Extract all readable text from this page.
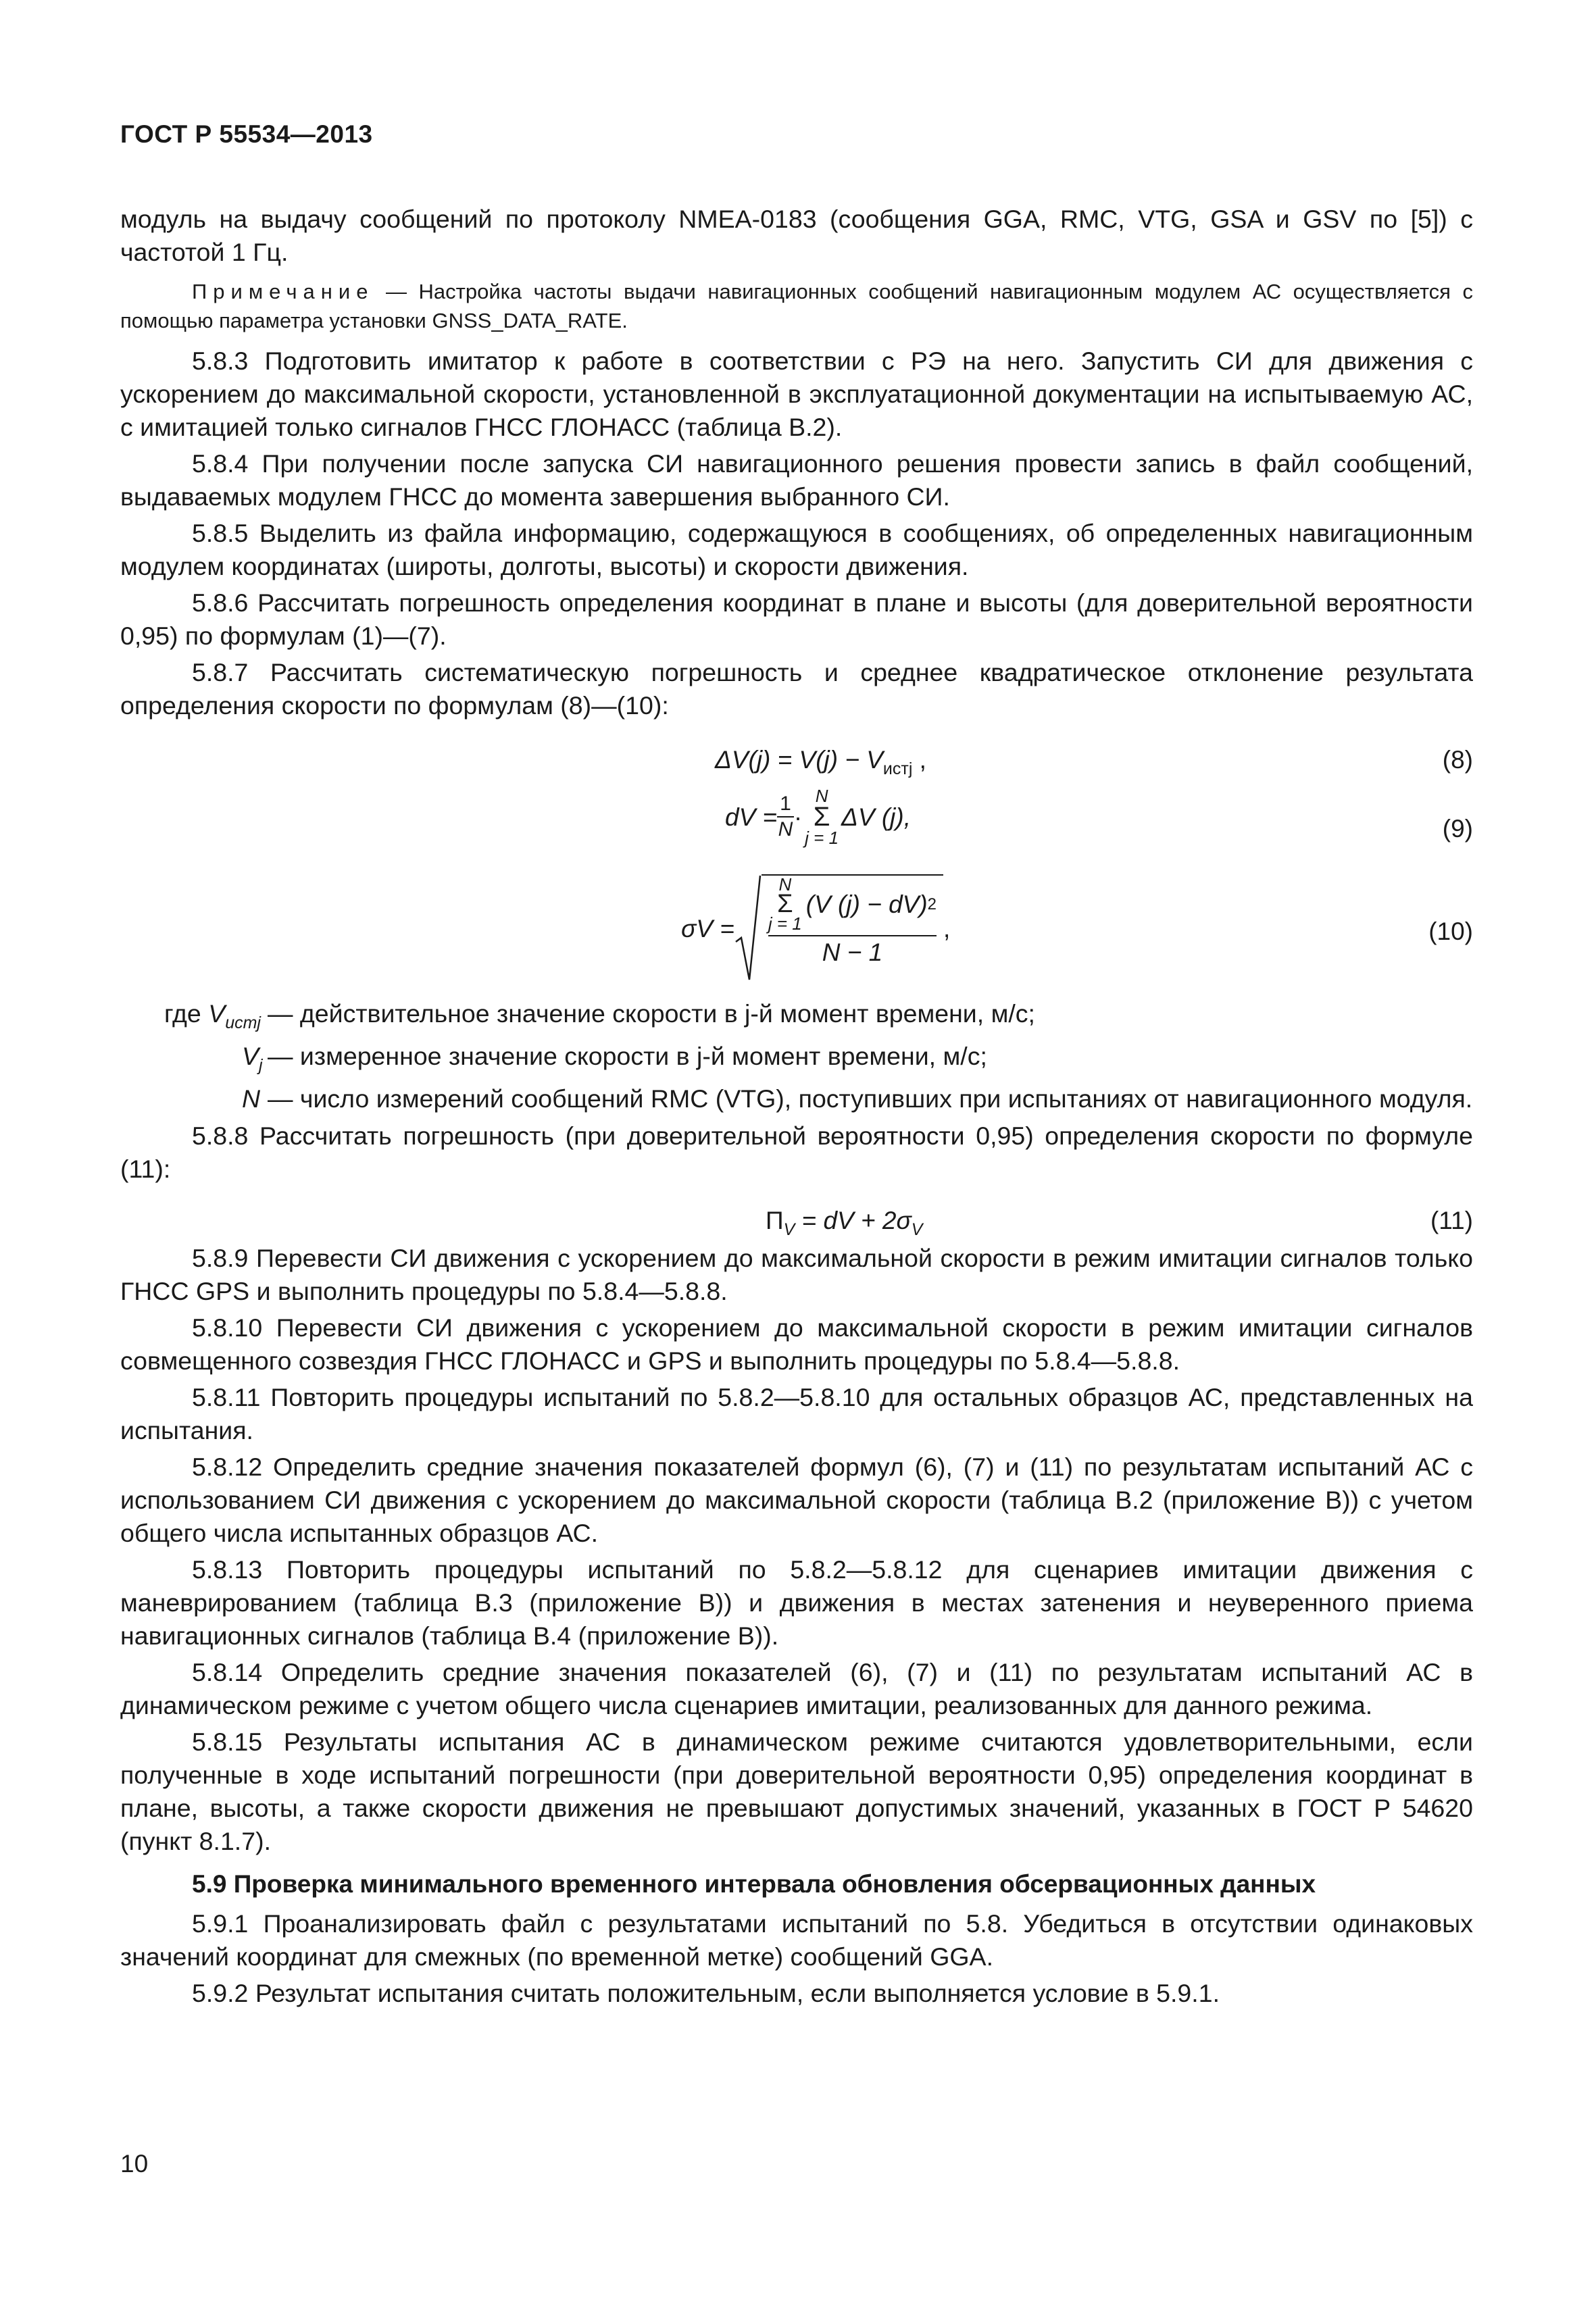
ГОСТ Р 55534—2013

модуль на выдачу сообщений по протоколу NMEA-0183 (сообщения GGA, RMC, VTG, GSA и GSV по [5]) с частотой 1 Гц.

Примечание — Настройка частоты выдачи навигационных сообщений навигационным модулем АС осуществляется с помощью параметра установки GNSS_DATA_RATE.

5.8.3 Подготовить имитатор к работе в соответствии с РЭ на него. Запустить СИ для движения с ускорением до максимальной скорости, установленной в эксплуатационной документации на испытываемую АС, с имитацией только сигналов ГНСС ГЛОНАСС (таблица В.2).

5.8.4 При получении после запуска СИ навигационного решения провести запись в файл сообщений, выдаваемых модулем ГНСС до момента завершения выбранного СИ.

5.8.5 Выделить из файла информацию, содержащуюся в сообщениях, об определенных навигационным модулем координатах (широты, долготы, высоты) и скорости движения.

5.8.6 Рассчитать погрешность определения координат в плане и высоты (для доверительной вероятности 0,95) по формулам (1)—(7).

5.8.7 Рассчитать систематическую погрешность и среднее квадратическое отклонение результата определения скорости по формулам (8)—(10):

$\Delta V(j) = V(j) - V_{истj}$ ,	(8)
dV = $\frac{1}{N}$ ·
N
Σ
j = 1
ΔV (j),	(9)
σV =
N
Σ
j = 1
(V (j) − dV) 2
N − 1
,	(10)
где $V_{истj}$ — действительное значение скорости в j-й момент времени, м/с;
$V_j$ — измеренное значение скорости в j-й момент времени, м/с;
N — число измерений сообщений RMC (VTG), поступивших при испытаниях от навигационного модуля.

5.8.8 Рассчитать погрешность (при доверительной вероятности 0,95) определения скорости по формуле (11):

$П_V$ = dV + $2\sigma_V$	(11)

5.8.9 Перевести СИ движения с ускорением до максимальной скорости в режим имитации сигналов только ГНСС GPS и выполнить процедуры по 5.8.4—5.8.8.

5.8.10 Перевести СИ движения с ускорением до максимальной скорости в режим имитации сигналов совмещенного созвездия ГНСС ГЛОНАСС и GPS и выполнить процедуры по 5.8.4—5.8.8.

5.8.11 Повторить процедуры испытаний по 5.8.2—5.8.10 для остальных образцов АС, представленных на испытания.

5.8.12 Определить средние значения показателей формул (6), (7) и (11) по результатам испытаний АС с использованием СИ движения с ускорением до максимальной скорости (таблица В.2 (приложение В)) с учетом общего числа испытанных образцов АС.

5.8.13 Повторить процедуры испытаний по 5.8.2—5.8.12 для сценариев имитации движения с маневрированием (таблица В.3 (приложение В)) и движения в местах затенения и неуверенного приема навигационных сигналов (таблица В.4 (приложение В)).

5.8.14 Определить средние значения показателей (6), (7) и (11) по результатам испытаний АС в динамическом режиме с учетом общего числа сценариев имитации, реализованных для данного режима.

5.8.15 Результаты испытания АС в динамическом режиме считаются удовлетворительными, если полученные в ходе испытаний погрешности (при доверительной вероятности 0,95) определения координат в плане, высоты, а также скорости движения не превышают допустимых значений, указанных в ГОСТ Р 54620 (пункт 8.1.7).

5.9 Проверка минимального временного интервала обновления обсервационных данных

5.9.1 Проанализировать файл с результатами испытаний по 5.8. Убедиться в отсутствии одинаковых значений координат для смежных (по временной метке) сообщений GGA.

5.9.2 Результат испытания считать положительным, если выполняется условие в 5.9.1.

10
